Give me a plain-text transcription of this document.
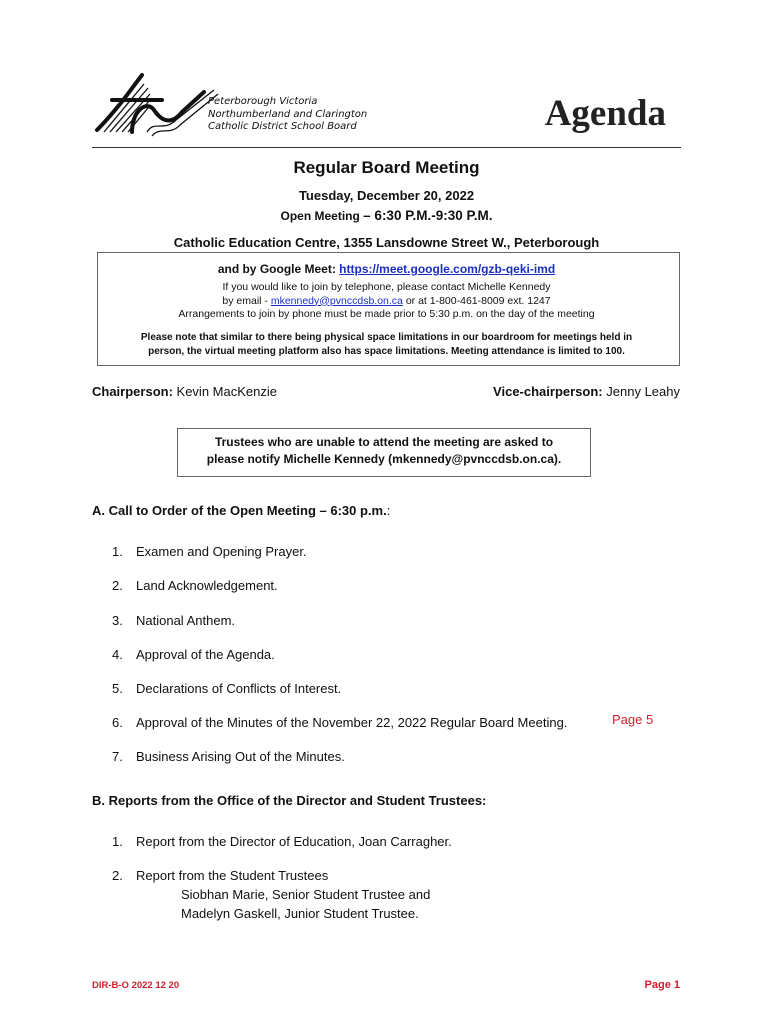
Peterborough Victoria
Northumberland and Clarington
Catholic District School Board	Agenda
Regular Board Meeting
Tuesday, December 20, 2022
Open Meeting – 6:30 P.M.-9:30 P.M.
Catholic Education Centre, 1355 Lansdowne Street W., Peterborough
and by Google Meet: https://meet.google.com/gzb-qeki-imd
If you would like to join by telephone, please contact Michelle Kennedy
by email - mkennedy@pvnccdsb.on.ca or at 1-800-461-8009 ext. 1247
Arrangements to join by phone must be made prior to 5:30 p.m. on the day of the meeting
Please note that similar to there being physical space limitations in our boardroom for meetings held in
person, the virtual meeting platform also has space limitations. Meeting attendance is limited to 100.
Chairperson: Kevin MacKenzie	Vice-chairperson: Jenny Leahy
Trustees who are unable to attend the meeting are asked to
please notify Michelle Kennedy (mkennedy@pvnccdsb.on.ca).
A. Call to Order of the Open Meeting – 6:30 p.m.:
1. Examen and Opening Prayer.
2. Land Acknowledgement.
3. National Anthem.
4. Approval of the Agenda.
5. Declarations of Conflicts of Interest.
6. Approval of the Minutes of the November 22, 2022 Regular Board Meeting.	Page 5
7. Business Arising Out of the Minutes.
B. Reports from the Office of the Director and Student Trustees:
1. Report from the Director of Education, Joan Carragher.
2. Report from the Student Trustees
Siobhan Marie, Senior Student Trustee and
Madelyn Gaskell, Junior Student Trustee.
DIR-B-O 2022 12 20	Page 1
